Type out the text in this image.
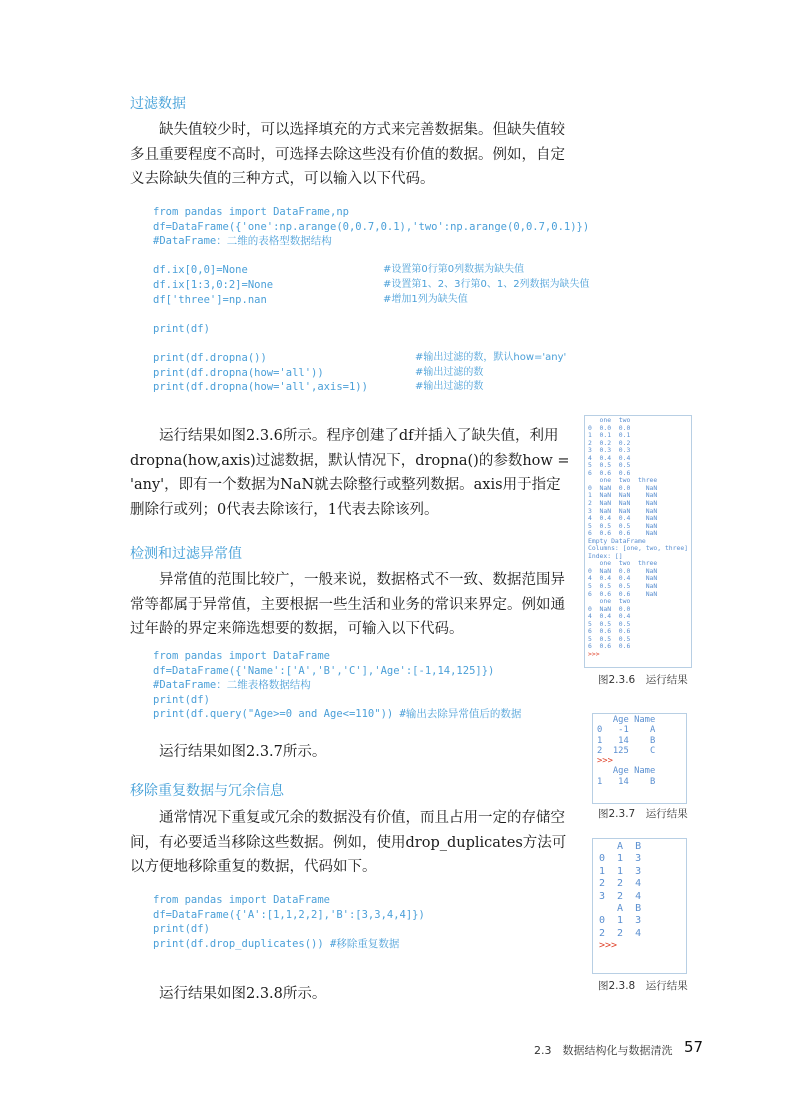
过滤数据

缺失值较少时，可以选择填充的方式来完善数据集。但缺失值较多且重要程度不高时，可选择去除这些没有价值的数据。例如，自定义去除缺失值的三种方式，可以输入以下代码。

from pandas import DataFrame,np
df=DataFrame({'one':np.arange(0,0.7,0.1),'two':np.arange(0,0.7,0.1)})
#DataFrame：二维的表格型数据结构
df.ix[0,0]=None	#设置第0行第0列数据为缺失值
df.ix[1:3,0:2]=None	#设置第1、2、3行第0、1、2列数据为缺失值
df['three']=np.nan	#增加1列为缺失值
print(df)
print(df.dropna())	#输出过滤的数，默认how='any'
print(df.dropna(how='all'))	#输出过滤的数
print(df.dropna(how='all',axis=1))	#输出过滤的数

运行结果如图2.3.6所示。程序创建了df并插入了缺失值，利用dropna(how,axis)过滤数据，默认情况下，dropna()的参数how = 'any'，即有一个数据为NaN就去除整行或整列数据。axis用于指定删除行或列；0代表去除该行，1代表去除该列。

检测和过滤异常值

异常值的范围比较广，一般来说，数据格式不一致、数据范围异常等都属于异常值，主要根据一些生活和业务的常识来界定。例如通过年龄的界定来筛选想要的数据，可输入以下代码。

from pandas import DataFrame
df=DataFrame({'Name':['A','B','C'],'Age':[-1,14,125]})
#DataFrame：二维表格数据结构
print(df)
print(df.query("Age>=0 and Age<=110")) #输出去除异常值后的数据

运行结果如图2.3.7所示。

移除重复数据与冗余信息

通常情况下重复或冗余的数据没有价值，而且占用一定的存储空间，有必要适当移除这些数据。例如，使用drop_duplicates方法可以方便地移除重复的数据，代码如下。

from pandas import DataFrame
df=DataFrame({'A':[1,1,2,2],'B':[3,3,4,4]})
print(df)
print(df.drop_duplicates()) #移除重复数据

运行结果如图2.3.8所示。

one  two
0  0.0  0.0
1  0.1  0.1
2  0.2  0.2
3  0.3  0.3
4  0.4  0.4
5  0.5  0.5
6  0.6  0.6
one  two  three
0  NaN  0.0    NaN
1  NaN  NaN    NaN
2  NaN  NaN    NaN
3  NaN  NaN    NaN
4  0.4  0.4    NaN
5  0.5  0.5    NaN
6  0.6  0.6    NaN
Empty DataFrame
Columns: [one, two, three]
Index: []
one  two  three
0  NaN  0.0    NaN
4  0.4  0.4    NaN
5  0.5  0.5    NaN
6  0.6  0.6    NaN
one  two
0  NaN  0.0
4  0.4  0.4
5  0.5  0.5
6  0.6  0.6
5  0.5  0.5
6  0.6  0.6
>>>
图2.3.6　运行结果
Age Name
0   -1    A
1   14    B
2  125    C
>>>
Age Name
1   14    B
图2.3.7　运行结果
A  B
0  1  3
1  1  3
2  2  4
3  2  4
A  B
0  1  3
2  2  4
>>>
图2.3.8　运行结果
2.3　数据结构化与数据清洗 57
